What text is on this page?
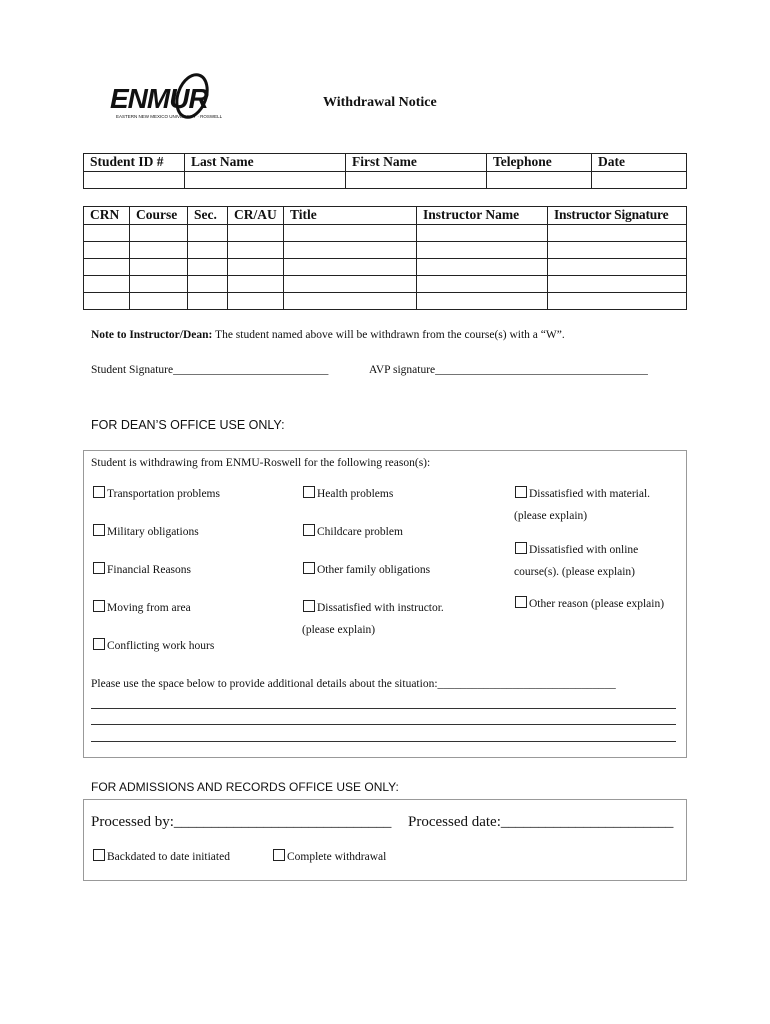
ENMUR
EASTERN NEW MEXICO UNIVERSITY · ROSWELL
Withdrawal Notice
Student ID #	Last Name	First Name	Telephone	Date

CRN	Course	Sec.	CR/AU	Title	Instructor Name	Instructor Signature

Note to Instructor/Dean: The student named above will be withdrawn from the course(s) with a “W”.
Student Signature___________________________	AVP signature_____________________________________
FOR DEAN’S OFFICE USE ONLY:
Student is withdrawing from ENMU-Roswell for the following reason(s):
Transportation problems
Military obligations
Financial Reasons
Moving from area
Conflicting work hours
Health problems
Childcare problem
Other family obligations
Dissatisfied with instructor.
(please explain)
Dissatisfied with material.
(please explain)
Dissatisfied with online
course(s). (please explain)
Other reason (please explain)
Please use the space below to provide additional details about the situation:_______________________________
FOR ADMISSIONS AND RECORDS OFFICE USE ONLY:
Processed by:_____________________________ Processed date:_______________________
Backdated to date initiated	Complete withdrawal
